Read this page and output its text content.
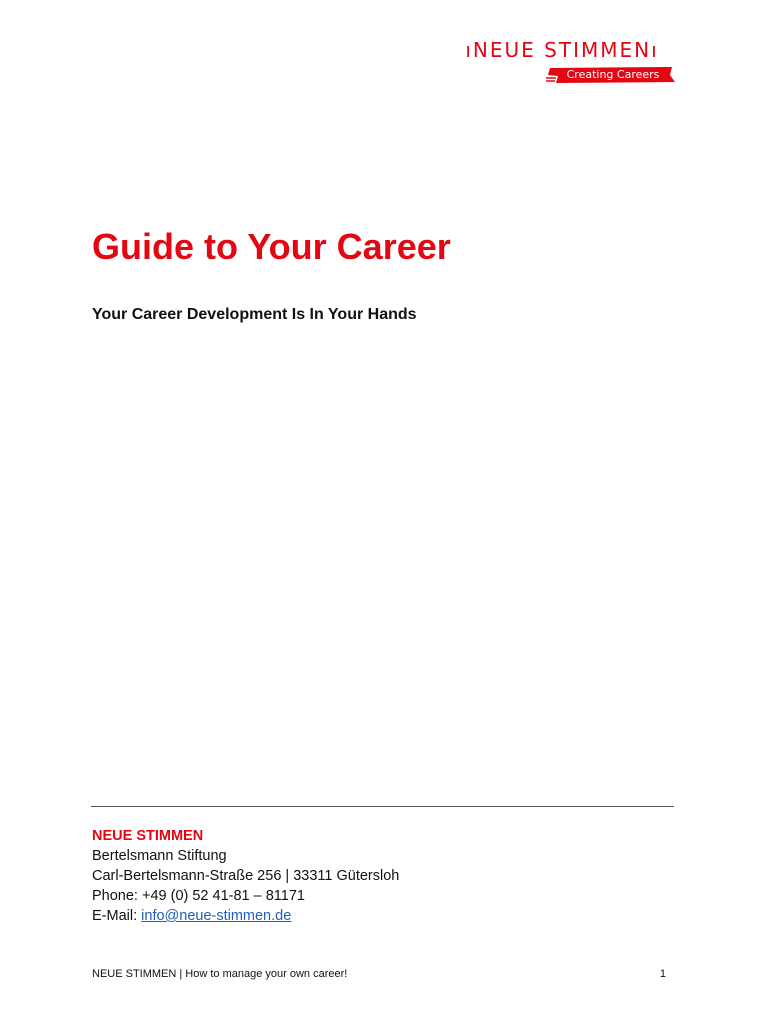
ıNEUE STIMMENı
Creating Careers
Guide to Your Career
Your Career Development Is In Your Hands
NEUE STIMMEN
Bertelsmann Stiftung
Carl-Bertelsmann-Straße 256 | 33311 Gütersloh
Phone: +49 (0) 52 41-81 – 81171
E-Mail: info@neue-stimmen.de
NEUE STIMMEN | How to manage your own career!	1
